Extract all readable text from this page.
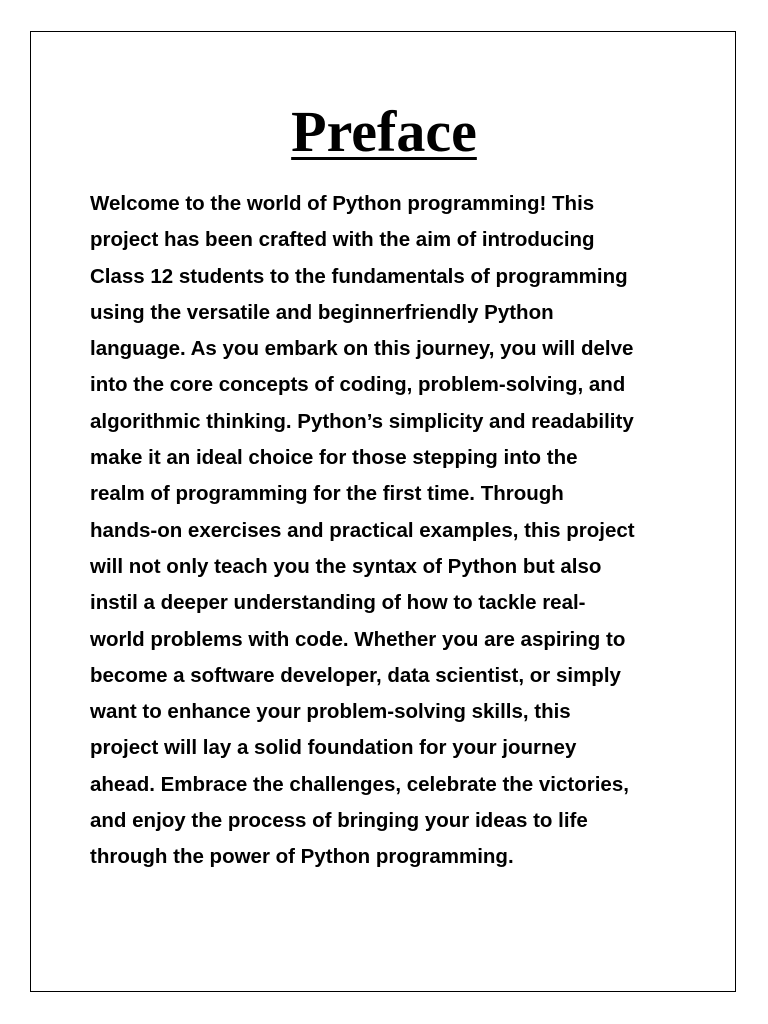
Preface
Welcome to the world of Python programming! This
project has been crafted with the aim of introducing
Class 12 students to the fundamentals of programming
using the versatile and beginnerfriendly Python
language. As you embark on this journey, you will delve
into the core concepts of coding, problem-solving, and
algorithmic thinking. Python’s simplicity and readability
make it an ideal choice for those stepping into the
realm of programming for the first time. Through
hands-on exercises and practical examples, this project
will not only teach you the syntax of Python but also
instil a deeper understanding of how to tackle real-
world problems with code. Whether you are aspiring to
become a software developer, data scientist, or simply
want to enhance your problem-solving skills, this
project will lay a solid foundation for your journey
ahead. Embrace the challenges, celebrate the victories,
and enjoy the process of bringing your ideas to life
through the power of Python programming.
